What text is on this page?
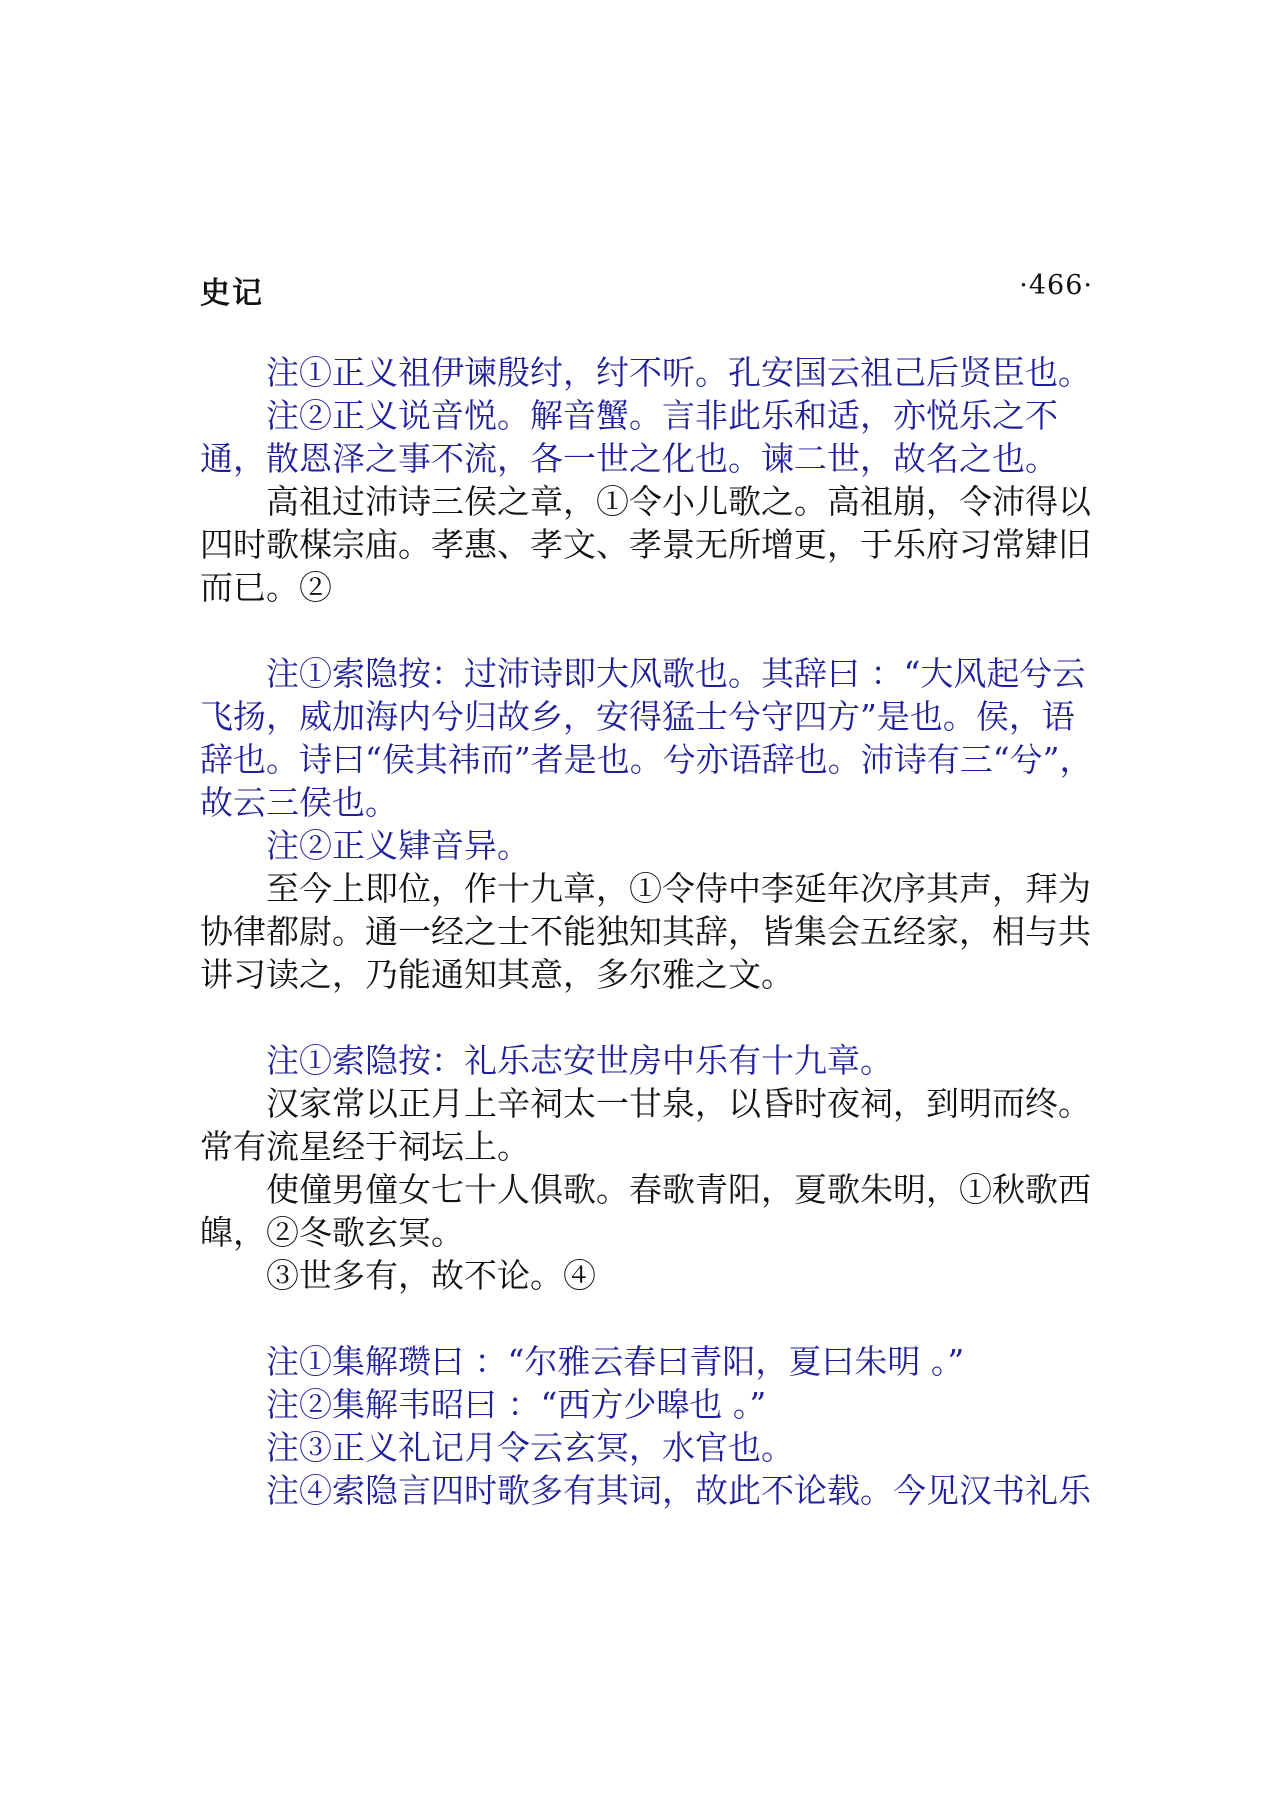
史记	·466·

注①正义祖伊谏殷纣，纣不听。孔安国云祖己后贤臣也。

注②正义说音悦。解音蟹。言非此乐和适，亦悦乐之不通，散恩泽之事不流，各一世之化也。谏二世，故名之也。

高祖过沛诗三侯之章，①令小儿歌之。高祖崩，令沛得以四时歌楳宗庙。孝惠、孝文、孝景无所增更，于乐府习常肄旧而已。②

注①索隐按：过沛诗即大风歌也。其辞曰 ：“大风起兮云飞扬，威加海内兮归故乡，安得猛士兮守四方”是也。侯，语辞也。诗曰“侯其祎而”者是也。兮亦语辞也。沛诗有三“兮”，故云三侯也。

注②正义肄音异。

至今上即位，作十九章，①令侍中李延年次序其声，拜为协律都尉。通一经之士不能独知其辞，皆集会五经家，相与共讲习读之，乃能通知其意，多尔雅之文。

注①索隐按：礼乐志安世房中乐有十九章。

汉家常以正月上辛祠太一甘泉，以昏时夜祠，到明而终。常有流星经于祠坛上。

使僮男僮女七十人俱歌。春歌青阳，夏歌朱明，①秋歌西皥，②冬歌玄冥。

③世多有，故不论。④

注①集解瓒曰 ：“尔雅云春曰青阳，夏曰朱明 。”

注②集解韦昭曰 ：“西方少暤也 。”

注③正义礼记月令云玄冥，水官也。

注④索隐言四时歌多有其词，故此不论载。今见汉书礼乐
